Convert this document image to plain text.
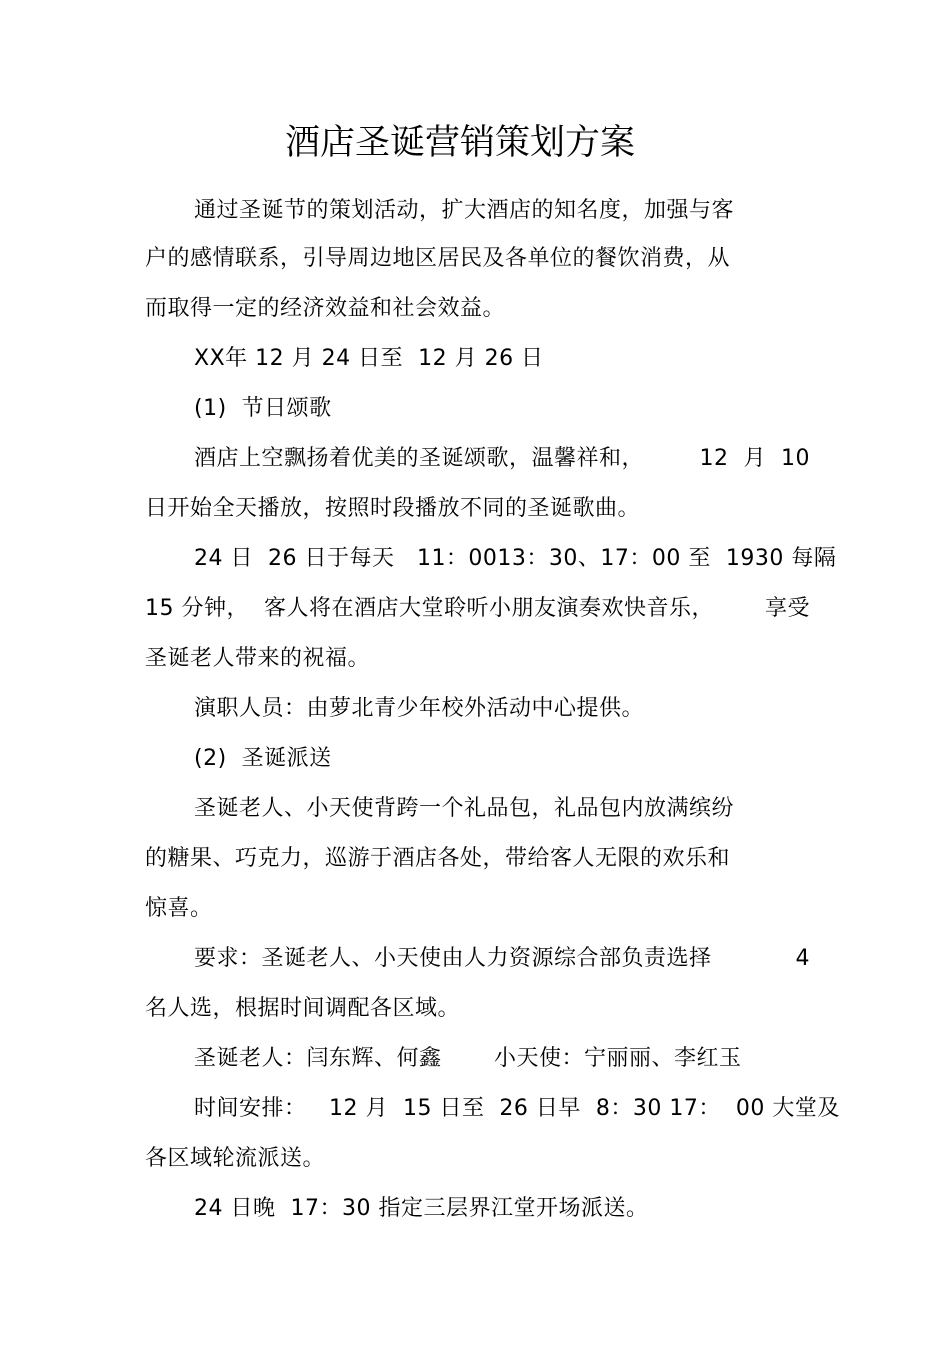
酒店圣诞营销策划方案
通过圣诞节的策划活动，扩大酒店的知名度，加强与客
户的感情联系，引导周边地区居民及各单位的餐饮消费，从
而取得一定的经济效益和社会效益。
XX年 12 月 24 日至  12 月 26 日
(1)  节日颂歌
酒店上空飘扬着优美的圣诞颂歌，温馨祥和，	12  月  10
日开始全天播放，按照时段播放不同的圣诞歌曲。
24 日  26 日于每天   11：0013：30、17：00 至  1930 每隔
15 分钟，  客人将在酒店大堂聆听小朋友演奏欢快音乐， 享受
圣诞老人带来的祝福。
演职人员：由萝北青少年校外活动中心提供。
(2)  圣诞派送
圣诞老人、小天使背跨一个礼品包，礼品包内放满缤纷
的糖果、巧克力，巡游于酒店各处，带给客人无限的欢乐和
惊喜。
要求：圣诞老人、小天使由人力资源综合部负责选择	4
名人选，根据时间调配各区域。
圣诞老人：闫东辉、何鑫       小天使：宁丽丽、李红玉
时间安排：   12 月  15 日至  26 日早  8：30 17：  00 大堂及
各区域轮流派送。
24 日晚  17：30 指定三层界江堂开场派送。
